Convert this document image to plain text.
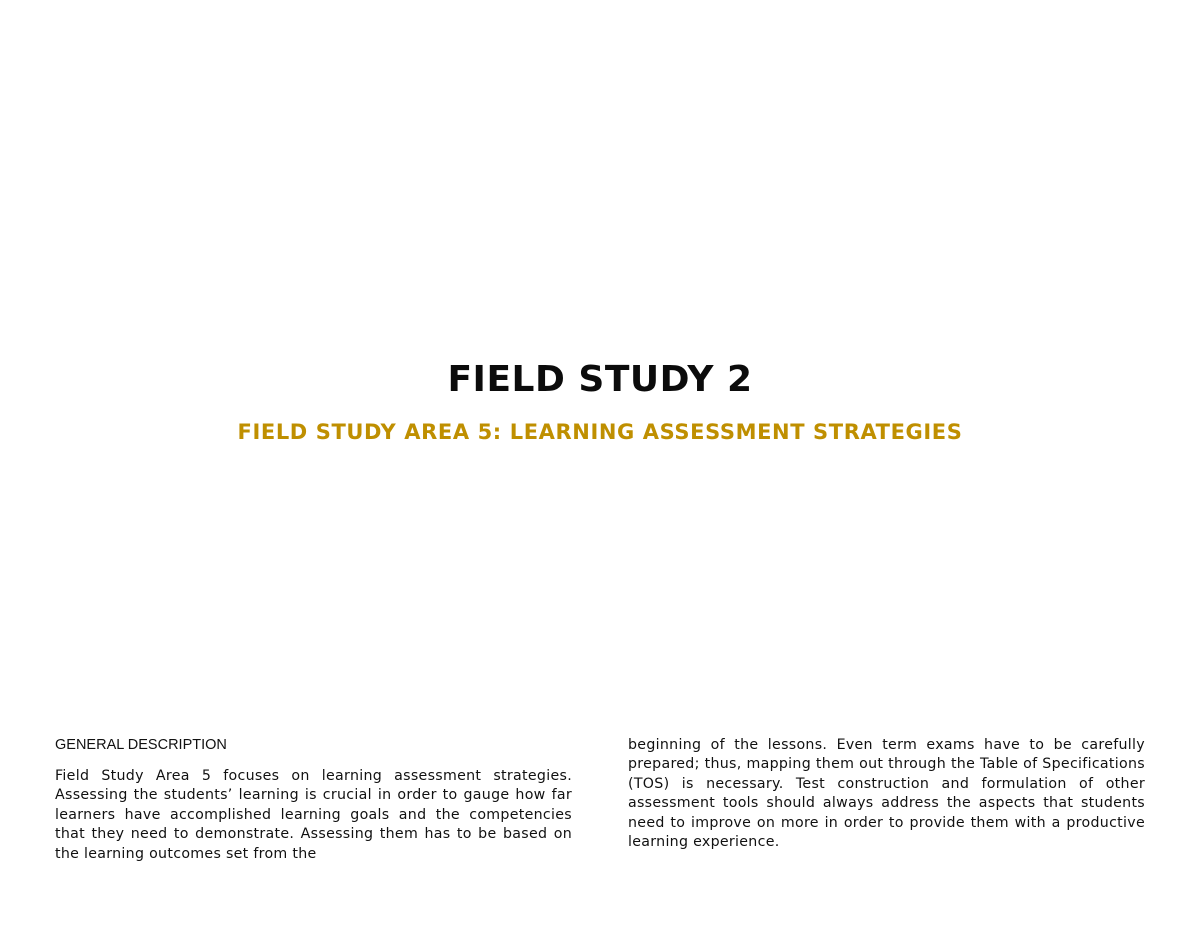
FIELD STUDY 2
FIELD STUDY AREA 5: LEARNING ASSESSMENT STRATEGIES
GENERAL DESCRIPTION

Field Study Area 5 focuses on learning assessment strategies. Assessing the students’ learning is crucial in order to gauge how far learners have accomplished learning goals and the competencies that they need to demonstrate. Assessing them has to be based on the learning outcomes set from the

beginning of the lessons. Even term exams have to be carefully prepared; thus, mapping them out through the Table of Specifications (TOS) is necessary. Test construction and formulation of other assessment tools should always address the aspects that students need to improve on more in order to provide them with a productive learning experience.
